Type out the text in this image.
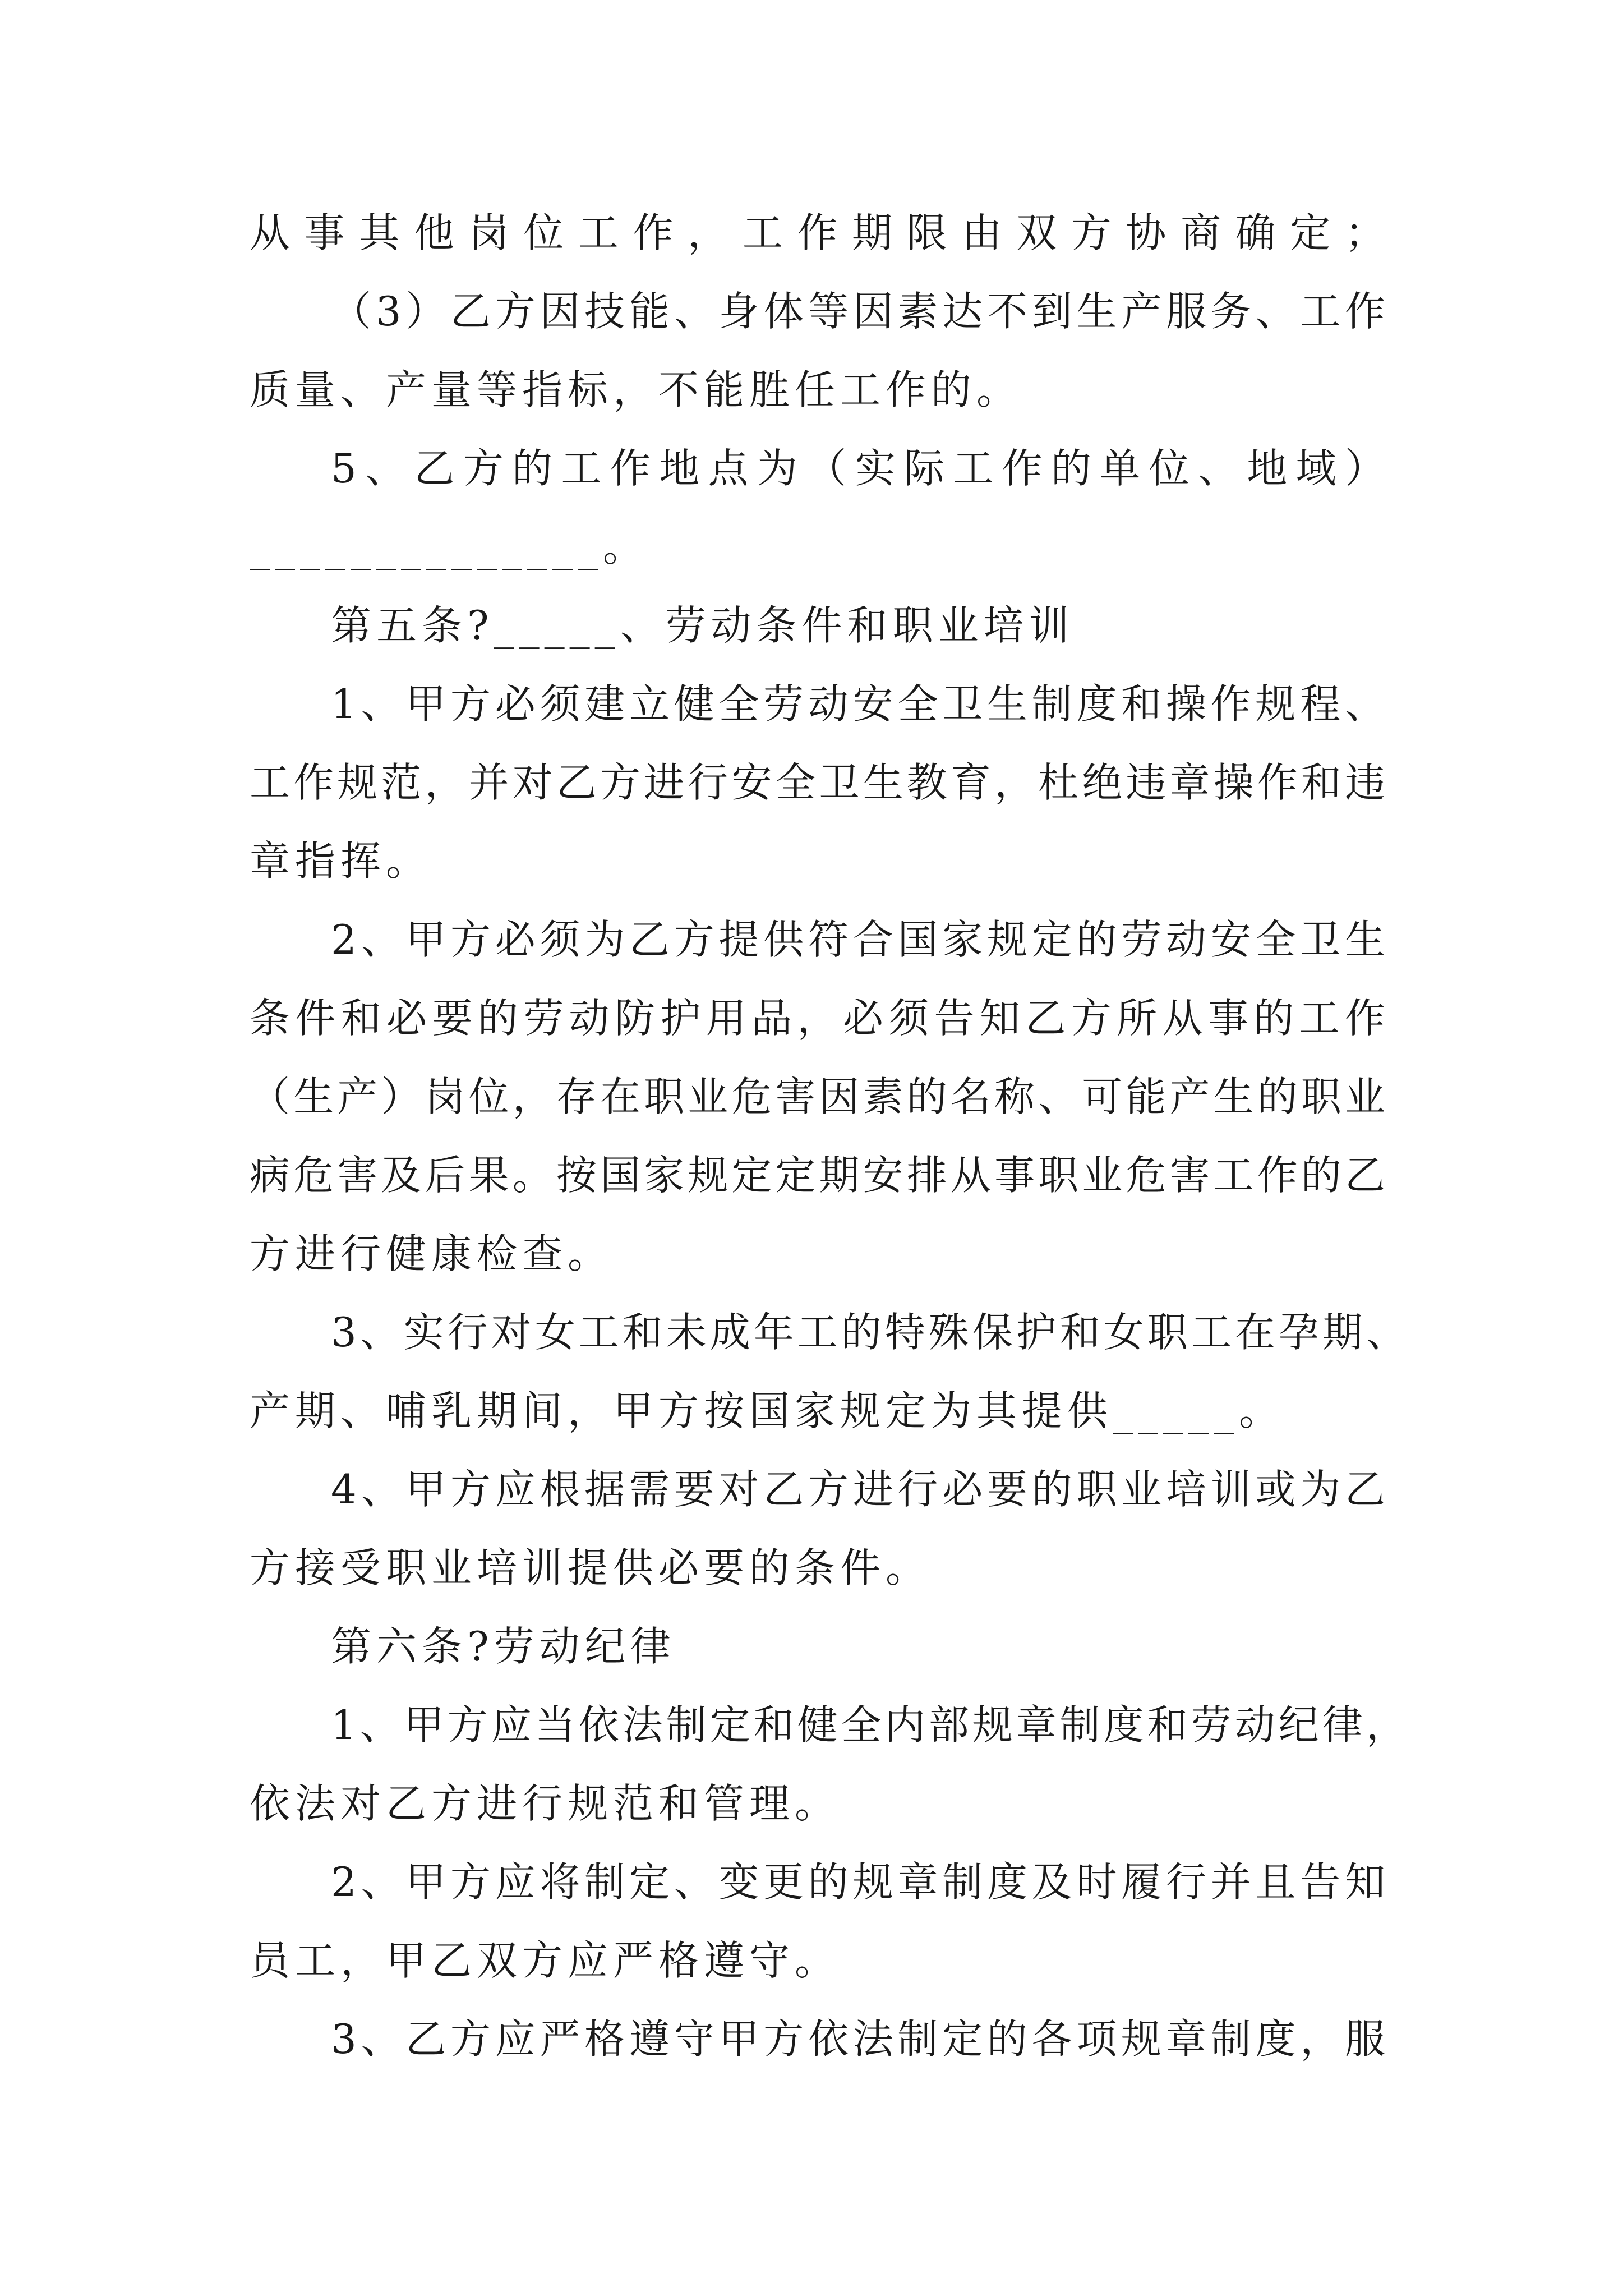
从事其他岗位工作，工作期限由双方协商确定；
（3）乙方因技能、身体等因素达不到生产服务、工作
质量、产量等指标，不能胜任工作的。
5、乙方的工作地点为（实际工作的单位、地域）
______________。
第五条?_____、劳动条件和职业培训
1、甲方必须建立健全劳动安全卫生制度和操作规程、
工作规范，并对乙方进行安全卫生教育，杜绝违章操作和违
章指挥。
2、甲方必须为乙方提供符合国家规定的劳动安全卫生
条件和必要的劳动防护用品，必须告知乙方所从事的工作
（生产）岗位，存在职业危害因素的名称、可能产生的职业
病危害及后果。按国家规定定期安排从事职业危害工作的乙
方进行健康检查。
3、实行对女工和未成年工的特殊保护和女职工在孕期、
产期、哺乳期间，甲方按国家规定为其提供_____。
4、甲方应根据需要对乙方进行必要的职业培训或为乙
方接受职业培训提供必要的条件。
第六条?劳动纪律
1、甲方应当依法制定和健全内部规章制度和劳动纪律，
依法对乙方进行规范和管理。
2、甲方应将制定、变更的规章制度及时履行并且告知
员工，甲乙双方应严格遵守。
3、乙方应严格遵守甲方依法制定的各项规章制度，服
